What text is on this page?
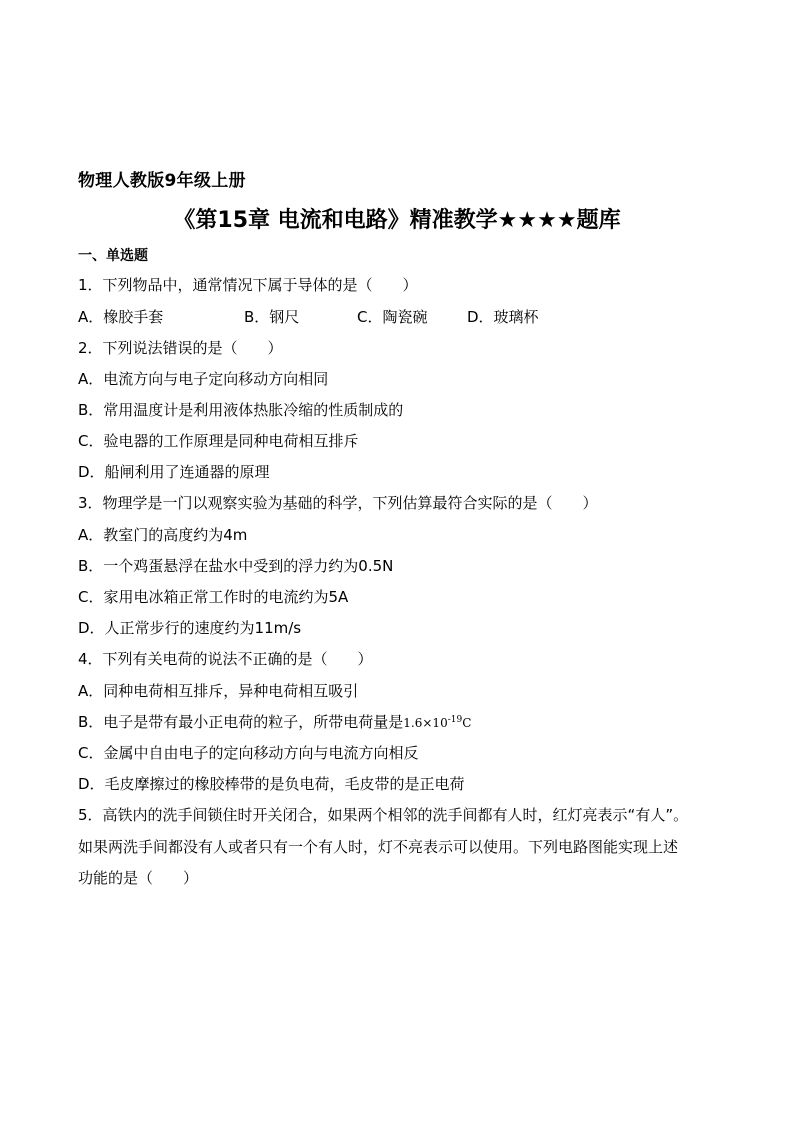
物理人教版9年级上册
《第15章 电流和电路》精准教学★★★★题库
一、单选题
1．下列物品中，通常情况下属于导体的是（　　）
A．橡胶手套	B．钢尺	C．陶瓷碗	D．玻璃杯
2．下列说法错误的是（　　）
A．电流方向与电子定向移动方向相同
B．常用温度计是利用液体热胀冷缩的性质制成的
C．验电器的工作原理是同种电荷相互排斥
D．船闸利用了连通器的原理
3．物理学是一门以观察实验为基础的科学，下列估算最符合实际的是（　　）
A．教室门的高度约为4m
B．一个鸡蛋悬浮在盐水中受到的浮力约为0.5N
C．家用电冰箱正常工作时的电流约为5A
D．人正常步行的速度约为11m/s
4．下列有关电荷的说法不正确的是（　　）
A．同种电荷相互排斥，异种电荷相互吸引
B．电子是带有最小正电荷的粒子，所带电荷量是$1.6\times 10^{-19}C$
C．金属中自由电子的定向移动方向与电流方向相反
D．毛皮摩擦过的橡胶棒带的是负电荷，毛皮带的是正电荷
5．高铁内的洗手间锁住时开关闭合，如果两个相邻的洗手间都有人时，红灯亮表示“有人”。
如果两洗手间都没有人或者只有一个有人时，灯不亮表示可以使用。下列电路图能实现上述
功能的是（　　）
